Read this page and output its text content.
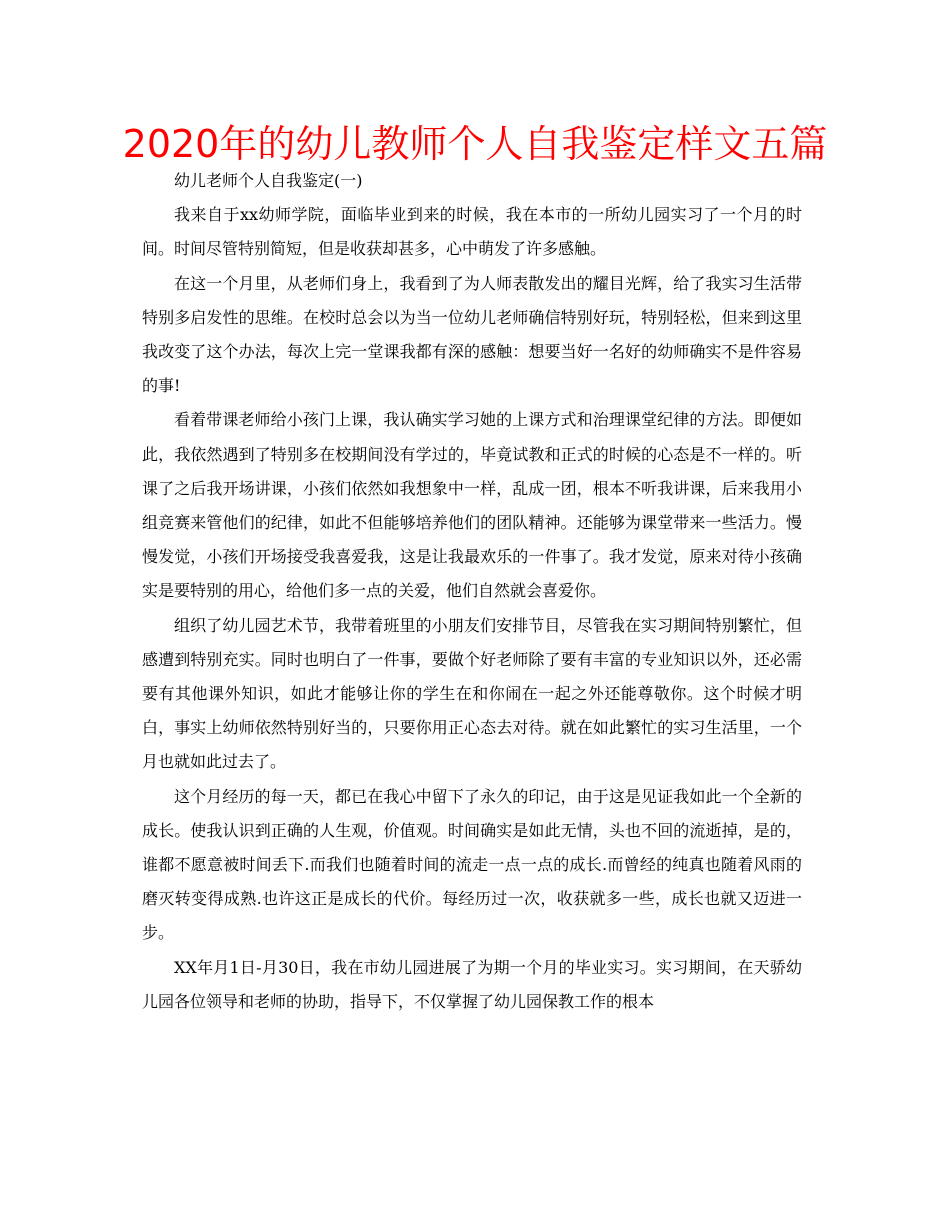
2020年的幼儿教师个人自我鉴定样文五篇

幼儿老师个人自我鉴定(一)

我来自于xx幼师学院，面临毕业到来的时候，我在本市的一所幼儿园实习了一个月的时间。时间尽管特别简短，但是收获却甚多，心中萌发了许多感触。

在这一个月里，从老师们身上，我看到了为人师表散发出的耀目光辉，给了我实习生活带特别多启发性的思维。在校时总会以为当一位幼儿老师确信特别好玩，特别轻松，但来到这里我改变了这个办法，每次上完一堂课我都有深的感触：想要当好一名好的幼师确实不是件容易的事!

看着带课老师给小孩门上课，我认确实学习她的上课方式和治理课堂纪律的方法。即便如此，我依然遇到了特别多在校期间没有学过的，毕竟试教和正式的时候的心态是不一样的。听课了之后我开场讲课，小孩们依然如我想象中一样，乱成一团，根本不听我讲课，后来我用小组竞赛来管他们的纪律，如此不但能够培养他们的团队精神。还能够为课堂带来一些活力。慢慢发觉，小孩们开场接受我喜爱我，这是让我最欢乐的一件事了。我才发觉，原来对待小孩确实是要特别的用心，给他们多一点的关爱，他们自然就会喜爱你。

组织了幼儿园艺术节，我带着班里的小朋友们安排节目，尽管我在实习期间特别繁忙，但感遭到特别充实。同时也明白了一件事，要做个好老师除了要有丰富的专业知识以外，还必需要有其他课外知识，如此才能够让你的学生在和你闹在一起之外还能尊敬你。这个时候才明白，事实上幼师依然特别好当的，只要你用正心态去对待。就在如此繁忙的实习生活里，一个月也就如此过去了。

这个月经历的每一天，都已在我心中留下了永久的印记，由于这是见证我如此一个全新的成长。使我认识到正确的人生观，价值观。时间确实是如此无情，头也不回的流逝掉，是的，谁都不愿意被时间丢下.而我们也随着时间的流走一点一点的成长.而曾经的纯真也随着风雨的磨灭转变得成熟.也许这正是成长的代价。每经历过一次，收获就多一些，成长也就又迈进一步。

XX年月1日-月30日，我在市幼儿园进展了为期一个月的毕业实习。实习期间，在天骄幼儿园各位领导和老师的协助，指导下，不仅掌握了幼儿园保教工作的根本
